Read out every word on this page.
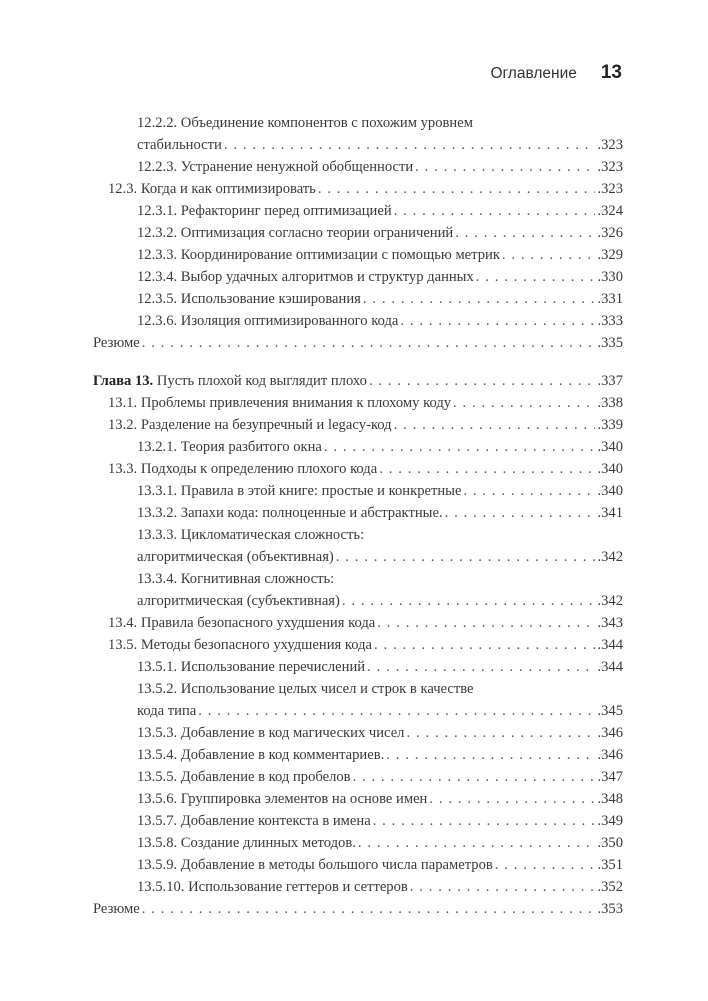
Оглавление 13
12.2.2. Объединение компонентов с похожим уровнем
стабильности . . .	.323
12.2.3. Устранение ненужной обобщенности . . .	.323
12.3. Когда и как оптимизировать . . .	.323
12.3.1. Рефакторинг перед оптимизацией . . .	.324
12.3.2. Оптимизация согласно теории ограничений . . .	.326
12.3.3. Координирование оптимизации с помощью метрик . . .	.329
12.3.4. Выбор удачных алгоритмов и структур данных . . .	.330
12.3.5. Использование кэширования . . .	.331
12.3.6. Изоляция оптимизированного кода . . .	.333
Резюме . . .	.335
Глава 13. Пусть плохой код выглядит плохо . . .	.337
13.1. Проблемы привлечения внимания к плохому коду . . .	.338
13.2. Разделение на безупречный и legacy-код . . .	.339
13.2.1. Теория разбитого окна . . .	.340
13.3. Подходы к определению плохого кода . . .	.340
13.3.1. Правила в этой книге: простые и конкретные . . .	.340
13.3.2. Запахи кода: полноценные и абстрактные. . . .	.341
13.3.3. Цикломатическая сложность:
алгоритмическая (объективная) . . .	.342
13.3.4. Когнитивная сложность:
алгоритмическая (субъективная) . . .	.342
13.4. Правила безопасного ухудшения кода . . .	.343
13.5. Методы безопасного ухудшения кода . . .	.344
13.5.1. Использование перечислений . . .	.344
13.5.2. Использование целых чисел и строк в качестве
кода типа . . .	.345
13.5.3. Добавление в код магических чисел . . .	.346
13.5.4. Добавление в код комментариев. . . .	.346
13.5.5. Добавление в код пробелов . . .	.347
13.5.6. Группировка элементов на основе имен . . .	.348
13.5.7. Добавление контекста в имена . . .	.349
13.5.8. Создание длинных методов. . . .	.350
13.5.9. Добавление в методы большого числа параметров . . .	.351
13.5.10. Использование геттеров и сеттеров . . .	.352
Резюме . . .	.353
